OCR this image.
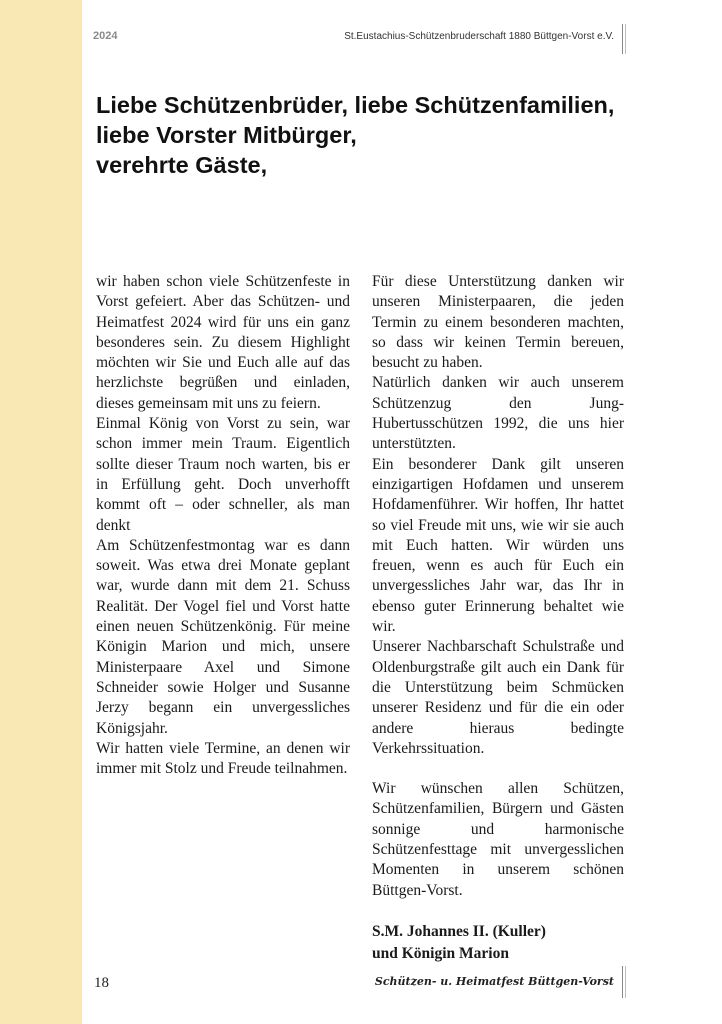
2024	St.Eustachius-Schützenbruderschaft 1880 Büttgen-Vorst e.V.
Liebe Schützenbrüder, liebe Schützenfamilien,
liebe Vorster Mitbürger,
verehrte Gäste,

wir haben schon viele Schützenfeste in Vorst gefeiert. Aber das Schützen- und Heimatfest 2024 wird für uns ein ganz besonderes sein. Zu diesem Highlight möchten wir Sie und Euch alle auf das herzlichste begrüßen und einladen, dieses gemeinsam mit uns zu feiern.

Einmal König von Vorst zu sein, war schon immer mein Traum. Eigentlich sollte dieser Traum noch warten, bis er in Erfüllung geht. Doch unverhofft kommt oft – oder schneller, als man denkt

Am Schützenfestmontag war es dann soweit. Was etwa drei Monate geplant war, wurde dann mit dem 21. Schuss Realität. Der Vogel fiel und Vorst hatte einen neuen Schützenkönig. Für meine Königin Marion und mich, unsere Ministerpaare Axel und Simone Schneider sowie Holger und Susanne Jerzy begann ein unvergessliches Königsjahr.

Wir hatten viele Termine, an denen wir immer mit Stolz und Freude teilnahmen.

Für diese Unterstützung danken wir unseren Ministerpaaren, die jeden Termin zu einem besonderen machten, so dass wir keinen Termin bereuen, besucht zu haben.

Natürlich danken wir auch unserem Schützenzug den Jung-Hubertusschützen 1992, die uns hier unterstützten.

Ein besonderer Dank gilt unseren einzigartigen Hofdamen und unserem Hofdamenführer. Wir hoffen, Ihr hattet so viel Freude mit uns, wie wir sie auch mit Euch hatten. Wir würden uns freuen, wenn es auch für Euch ein unvergessliches Jahr war, das Ihr in ebenso guter Erinnerung behaltet wie wir.

Unserer Nachbarschaft Schulstraße und Oldenburgstraße gilt auch ein Dank für die Unterstützung beim Schmücken unserer Residenz und für die ein oder andere hieraus bedingte Verkehrssituation.

Wir wünschen allen Schützen, Schützenfamilien, Bürgern und Gästen sonnige und harmonische Schützenfesttage mit unvergesslichen Momenten in unserem schönen Büttgen-Vorst.

S.M. Johannes II. (Kuller)
und Königin Marion
18	Schützen- u. Heimatfest Büttgen-Vorst
